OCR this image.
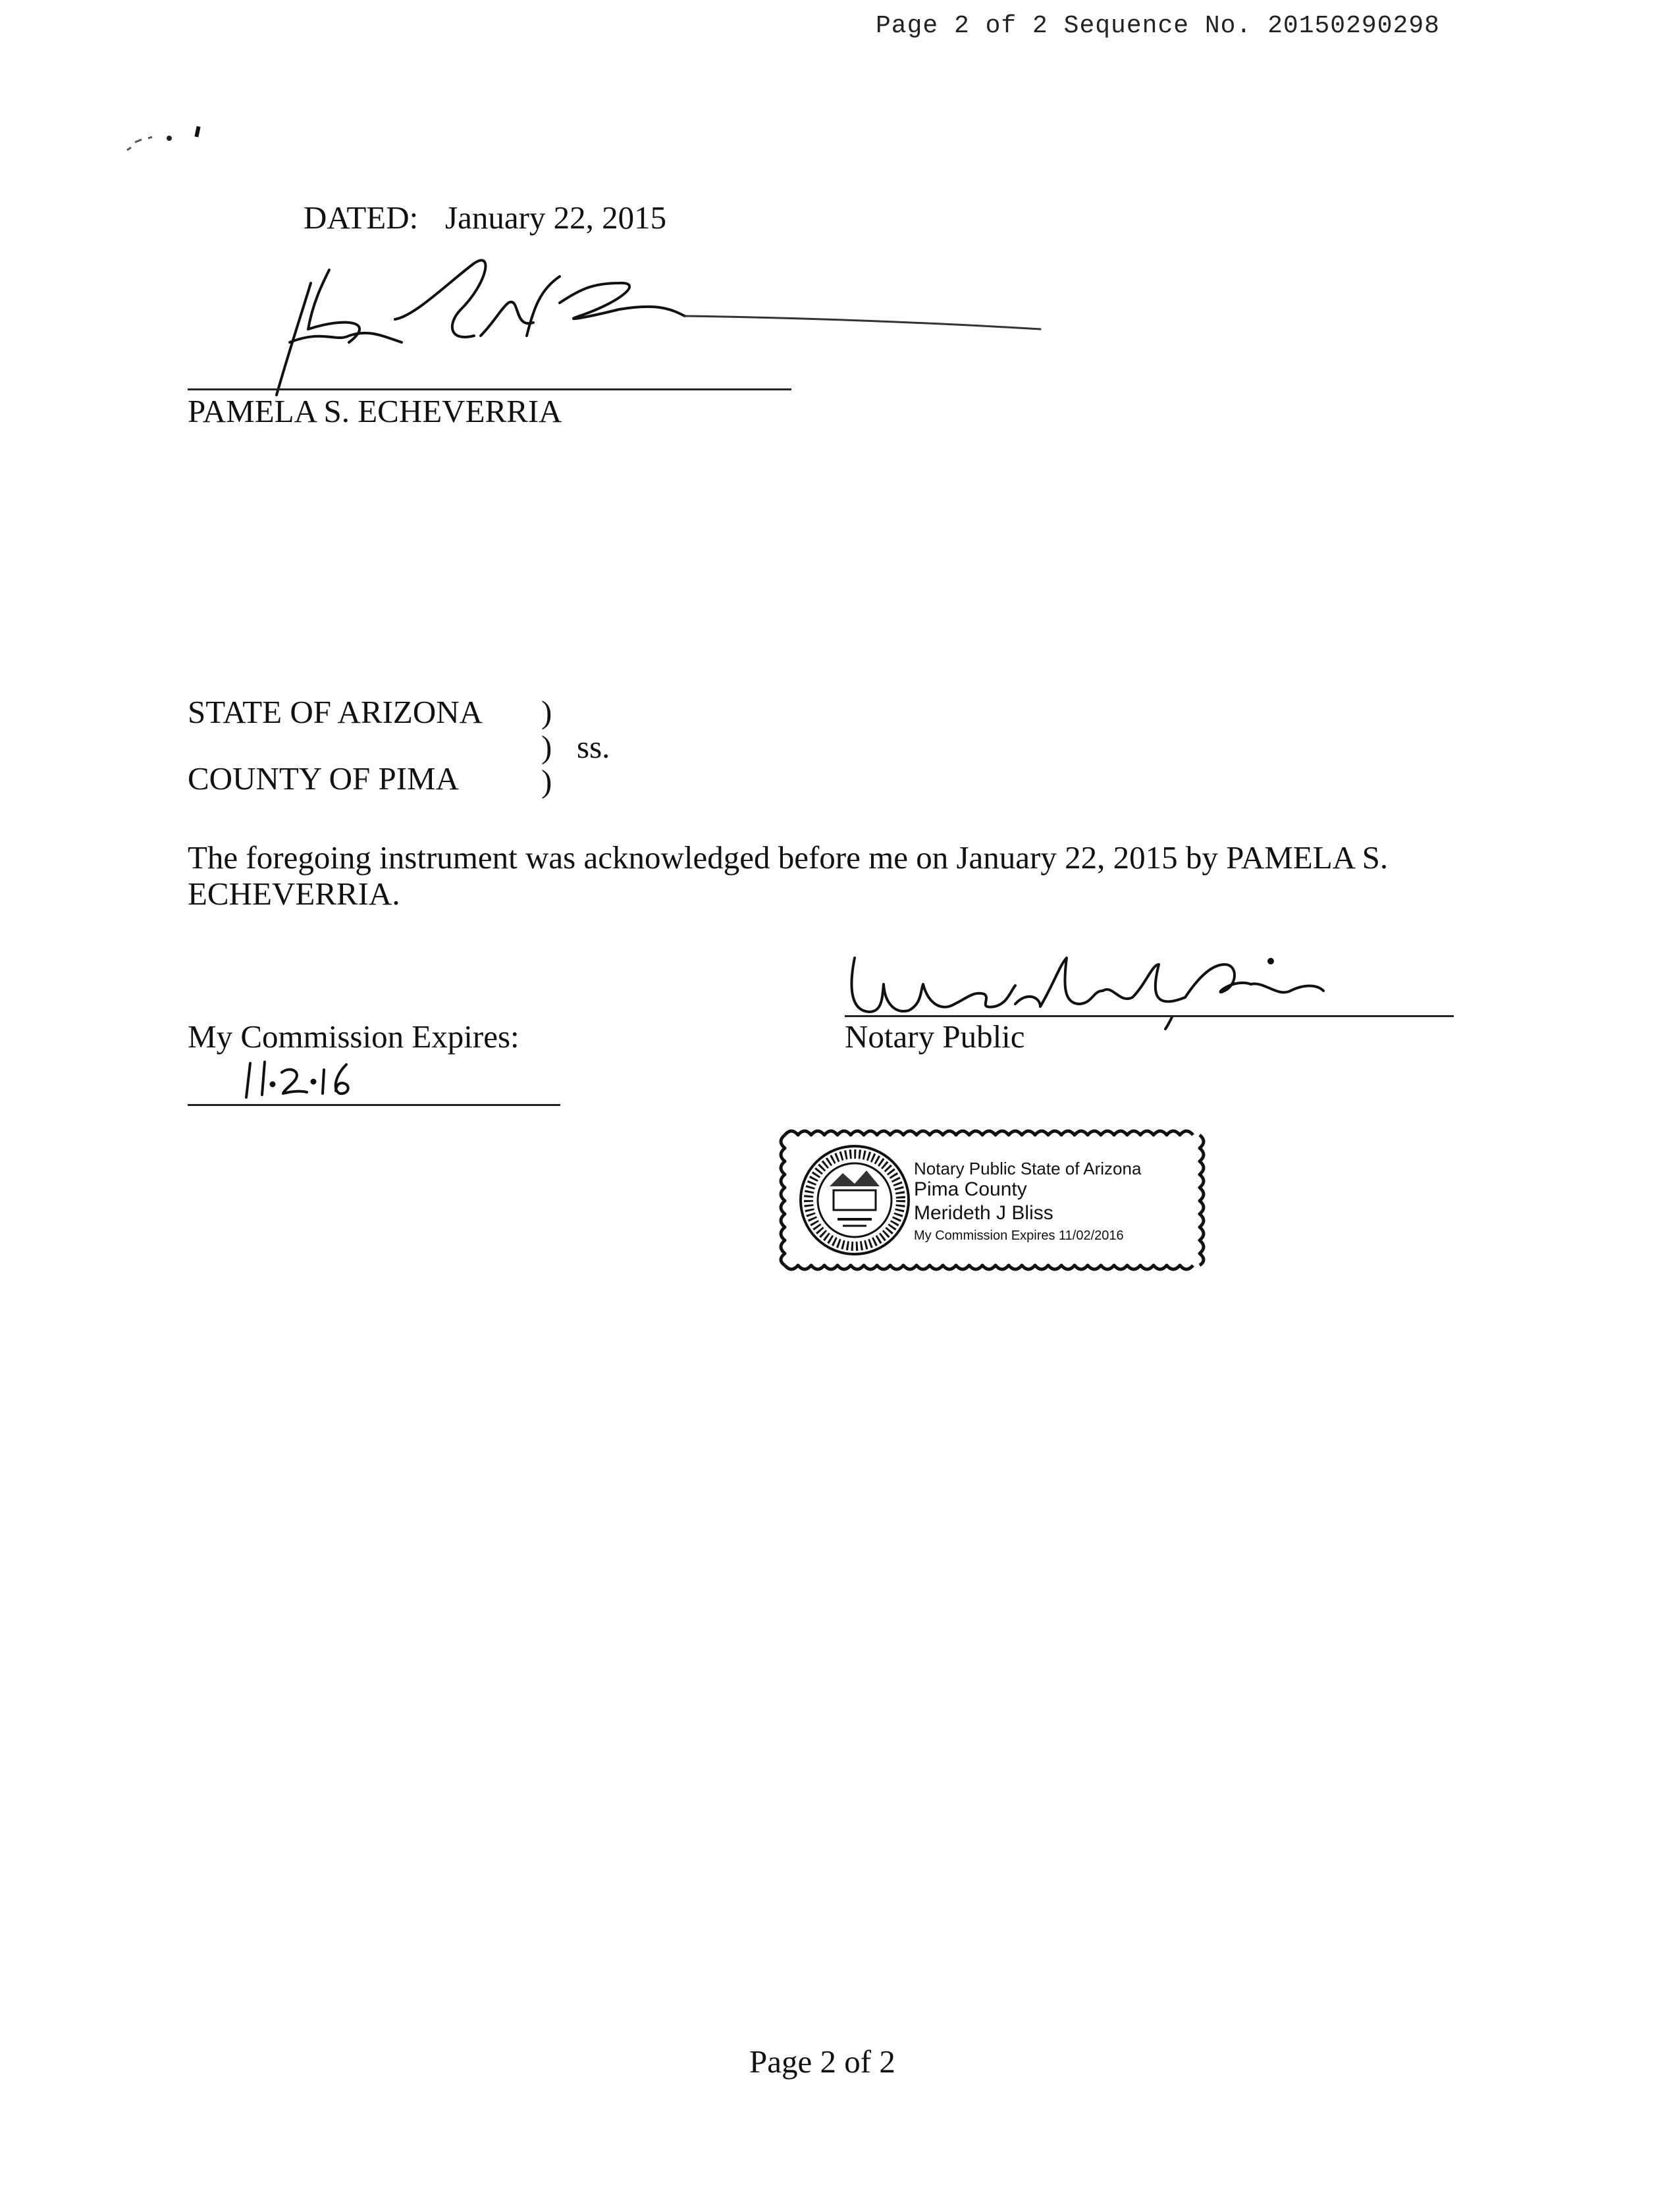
Page 2 of 2 Sequence No. 20150290298
DATED: January 22, 2015
PAMELA S. ECHEVERRIA
STATE OF ARIZONA )
) ss.
COUNTY OF PIMA	)
The foregoing instrument was acknowledged before me on January 22, 2015 by PAMELA S. ECHEVERRIA.
Notary Public
My Commission Expires:
Notary Public State of Arizona
Pima County
Merideth J Bliss
My Commission Expires 11/02/2016
Page 2 of 2
